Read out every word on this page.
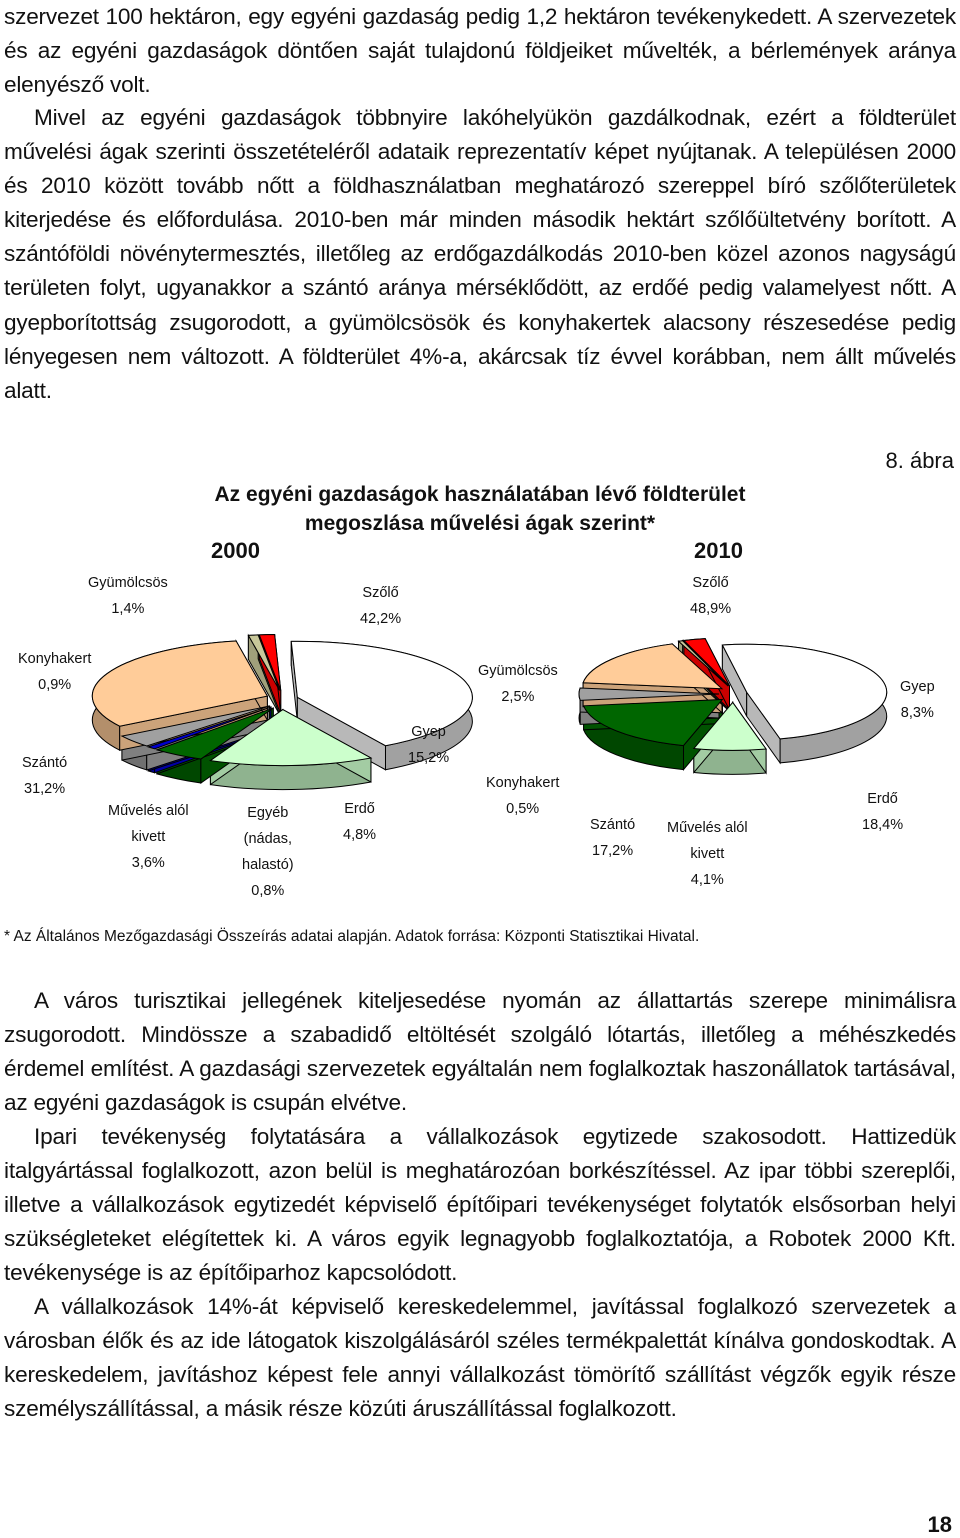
szervezet 100 hektáron, egy egyéni gazdaság pedig 1,2 hektáron tevékenykedett. A szervezetek és az egyéni gazdaságok döntően saját tulajdonú földjeiket művelték, a bérlemények aránya elenyésző volt.
Mivel az egyéni gazdaságok többnyire lakóhelyükön gazdálkodnak, ezért a földterület művelési ágak szerinti összetételéről adataik reprezentatív képet nyújtanak. A településen 2000 és 2010 között tovább nőtt a földhasználatban meghatározó szereppel bíró szőlőterületek kiterjedése és előfordulása. 2010-ben már minden második hektárt szőlőültetvény borított. A szántóföldi növénytermesztés, illetőleg az erdőgazdálkodás 2010-ben közel azonos nagyságú területen folyt, ugyanakkor a szántó aránya mérséklődött, az erdőé pedig valamelyest nőtt. A gyepborítottság zsugorodott, a gyümölcsösök és konyhakertek alacsony részesedése pedig lényegesen nem változott. A földterület 4%-a, akárcsak tíz évvel korábban, nem állt művelés alatt.
8. ábra
Az egyéni gazdaságok használatában lévő földterület
megoszlása művelési ágak szerint*
2000	2010
Gyümölcsös
1,4%
Szőlő
42,2%
Konyhakert
0,9%
Gyep
15,2%
Szántó
31,2%
Művelés alól
kivett
3,6%
Egyéb
(nádas,
halastó)
0,8%
Erdő
4,8%
Szőlő
48,9%
Gyümölcsös
2,5%
Gyep
8,3%
Konyhakert
0,5%
Erdő
18,4%
Szántó
17,2%
Művelés alól
kivett
4,1%
* Az Általános Mezőgazdasági Összeírás adatai alapján. Adatok forrása: Központi Statisztikai Hivatal.
A város turisztikai jellegének kiteljesedése nyomán az állattartás szerepe minimálisra zsugorodott. Mindössze a szabadidő eltöltését szolgáló lótartás, illetőleg a méhészkedés érdemel említést. A gazdasági szervezetek egyáltalán nem foglalkoztak haszonállatok tartásával, az egyéni gazdaságok is csupán elvétve.
Ipari tevékenység folytatására a vállalkozások egytizede szakosodott. Hattizedük italgyártással foglalkozott, azon belül is meghatározóan borkészítéssel. Az ipar többi szereplői, illetve a vállalkozások egytizedét képviselő építőipari tevékenységet folytatók elsősorban helyi szükségleteket elégítettek ki. A város egyik legnagyobb foglalkoztatója, a Robotek 2000 Kft. tevékenysége is az építőiparhoz kapcsolódott.
A vállalkozások 14%-át képviselő kereskedelemmel, javítással foglalkozó szervezetek a városban élők és az ide látogatok kiszolgálásáról széles termékpalettát kínálva gondoskodtak. A kereskedelem, javításhoz képest fele annyi vállalkozást tömörítő szállítást végzők egyik része személyszállítással, a másik része közúti áruszállítással foglalkozott.
18
